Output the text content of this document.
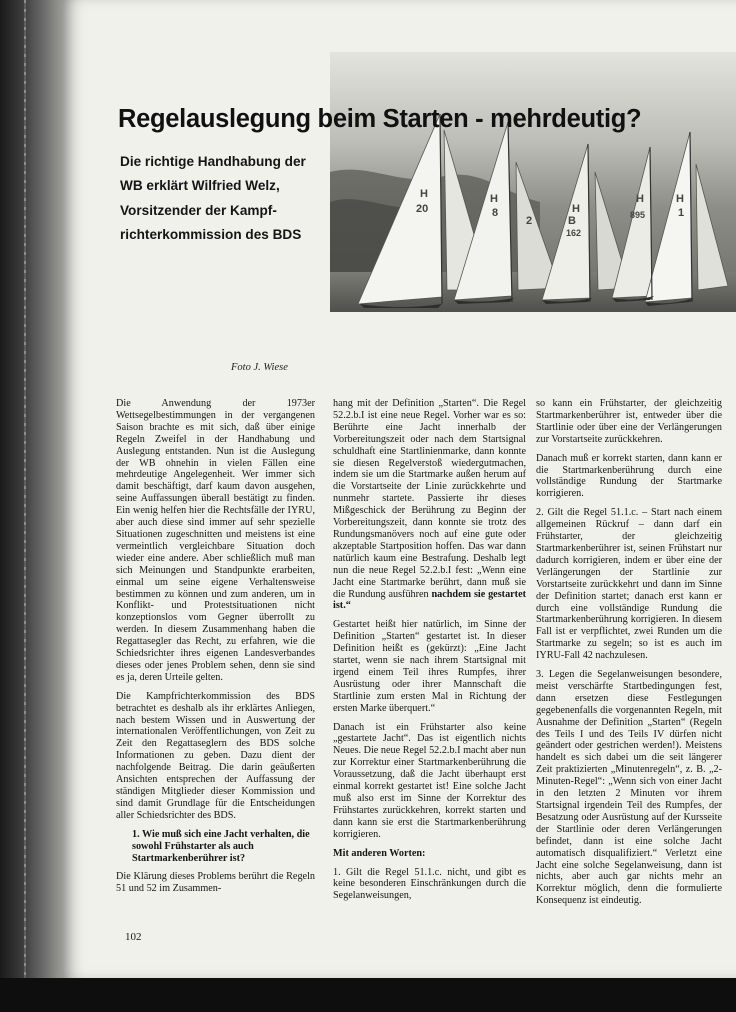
H
20
H
8
2
H
B
162
H
895
H
1
Regelauslegung beim Starten - mehrdeutig?
Die richtige Handhabung der
WB erklärt Wilfried Welz,
Vorsitzender der Kampf-
richterkommission des BDS
Foto J. Wiese

Die Anwendung der 1973er Wettsegelbestimmungen in der vergangenen Saison brachte es mit sich, daß über einige Regeln Zweifel in der Handhabung und Auslegung entstanden. Nun ist die Auslegung der WB ohnehin in vielen Fällen eine mehrdeutige Angelegenheit. Wer immer sich damit beschäftigt, darf kaum davon ausgehen, seine Auffassungen überall bestätigt zu finden. Ein wenig helfen hier die Rechtsfälle der IYRU, aber auch diese sind immer auf sehr spezielle Situationen zugeschnitten und meistens ist eine vermeintlich vergleichbare Situation doch wieder eine andere. Aber schließlich muß man sich Meinungen und Standpunkte erarbeiten, einmal um seine eigene Verhaltensweise bestimmen zu können und zum anderen, um in Konflikt- und Protestsituationen nicht konzeptionslos vom Gegner überrollt zu werden. In diesem Zusammenhang haben die Regattasegler das Recht, zu erfahren, wie die Schiedsrichter ihres eigenen Landesverbandes dieses oder jenes Problem sehen, denn sie sind es ja, deren Urteile gelten.

Die Kampfrichterkommission des BDS betrachtet es deshalb als ihr erklärtes Anliegen, nach bestem Wissen und in Auswertung der internationalen Veröffentlichungen, von Zeit zu Zeit den Regattaseglern des BDS solche Informationen zu geben. Dazu dient der nachfolgende Beitrag. Die darin geäußerten Ansichten entsprechen der Auffassung der ständigen Mitglieder dieser Kommission und sind damit Grundlage für die Entscheidungen aller Schiedsrichter des BDS.

1. Wie muß sich eine Jacht verhalten, die sowohl Frühstarter als auch Startmarkenberührer ist?

Die Klärung dieses Problems berührt die Regeln 51 und 52 im Zusammen-

hang mit der Definition „Starten“. Die Regel 52.2.b.I ist eine neue Regel. Vorher war es so: Berührte eine Jacht innerhalb der Vorbereitungszeit oder nach dem Startsignal schuldhaft eine Startlinienmarke, dann konnte sie diesen Regelverstoß wiedergutmachen, indem sie um die Startmarke außen herum auf die Vorstartseite der Linie zurückkehrte und nunmehr startete. Passierte ihr dieses Mißgeschick der Berührung zu Beginn der Vorbereitungszeit, dann konnte sie trotz des Rundungsmanövers noch auf eine gute oder akzeptable Startposition hoffen. Das war dann natürlich kaum eine Bestrafung. Deshalb legt nun die neue Regel 52.2.b.I fest: „Wenn eine Jacht eine Startmarke berührt, dann muß sie die Rundung ausführen nachdem sie gestartet ist.“

Gestartet heißt hier natürlich, im Sinne der Definition „Starten“ gestartet ist. In dieser Definition heißt es (gekürzt): „Eine Jacht startet, wenn sie nach ihrem Startsignal mit irgend einem Teil ihres Rumpfes, ihrer Ausrüstung oder ihrer Mannschaft die Startlinie zum ersten Mal in Richtung der ersten Marke überquert.“

Danach ist ein Frühstarter also keine „gestartete Jacht“. Das ist eigentlich nichts Neues. Die neue Regel 52.2.b.I macht aber nun zur Korrektur einer Startmarkenberührung die Voraussetzung, daß die Jacht überhaupt erst einmal korrekt gestartet ist! Eine solche Jacht muß also erst im Sinne der Korrektur des Frühstartes zurückkehren, korrekt starten und dann kann sie erst die Startmarkenberührung korrigieren.

Mit anderen Worten:

1. Gilt die Regel 51.1.c. nicht, und gibt es keine besonderen Einschränkungen durch die Segelanweisungen,

so kann ein Frühstarter, der gleichzeitig Startmarkenberührer ist, entweder über die Startlinie oder über eine der Verlängerungen zur Vorstartseite zurückkehren.

Danach muß er korrekt starten, dann kann er die Startmarkenberührung durch eine vollständige Rundung der Startmarke korrigieren.

2. Gilt die Regel 51.1.c. – Start nach einem allgemeinen Rückruf – dann darf ein Frühstarter, der gleichzeitig Startmarkenberührer ist, seinen Frühstart nur dadurch korrigieren, indem er über eine der Verlängerungen der Startlinie zur Vorstartseite zurückkehrt und dann im Sinne der Definition startet; danach erst kann er durch eine vollständige Rundung die Startmarkenberührung korrigieren. In diesem Fall ist er verpflichtet, zwei Runden um die Startmarke zu segeln; so ist es auch im IYRU-Fall 42 nachzulesen.

3. Legen die Segelanweisungen besondere, meist verschärfte Startbedingungen fest, dann ersetzen diese Festlegungen gegebenenfalls die vorgenannten Regeln, mit Ausnahme der Definition „Starten“ (Regeln des Teils I und des Teils IV dürfen nicht geändert oder gestrichen werden!). Meistens handelt es sich dabei um die seit längerer Zeit praktizierten „Minutenregeln“, z. B. „2-Minuten-Regel“: „Wenn sich von einer Jacht in den letzten 2 Minuten vor ihrem Startsignal irgendein Teil des Rumpfes, der Besatzung oder Ausrüstung auf der Kursseite der Startlinie oder deren Verlängerungen befindet, dann ist eine solche Jacht automatisch disqualifiziert.“ Verletzt eine Jacht eine solche Segelanweisung, dann ist nichts, aber auch gar nichts mehr an Korrektur möglich, denn die formulierte Konsequenz ist eindeutig.

102
